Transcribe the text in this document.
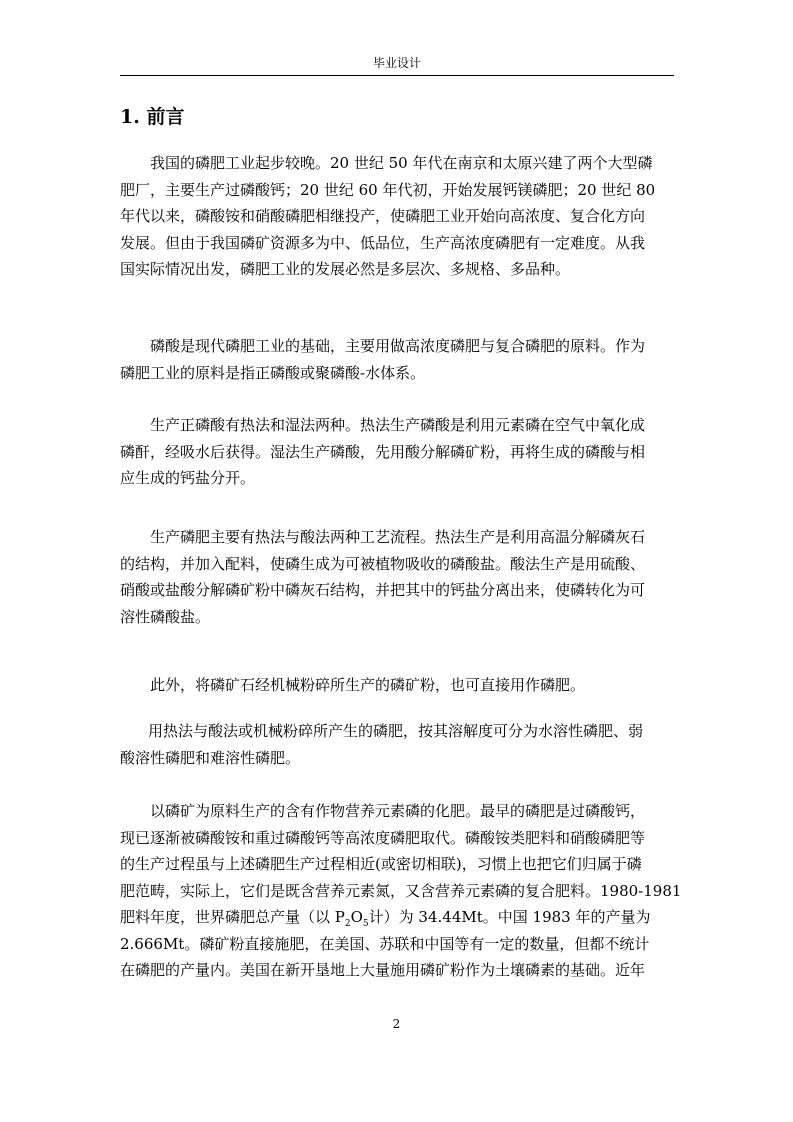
毕业设计
1. 前言
我国的磷肥工业起步较晚。20 世纪 50 年代在南京和太原兴建了两个大型磷
肥厂，主要生产过磷酸钙；20 世纪 60 年代初，开始发展钙镁磷肥；20 世纪 80
年代以来，磷酸铵和硝酸磷肥相继投产，使磷肥工业开始向高浓度、复合化方向
发展。但由于我国磷矿资源多为中、低品位，生产高浓度磷肥有一定难度。从我
国实际情况出发，磷肥工业的发展必然是多层次、多规格、多品种。
磷酸是现代磷肥工业的基础，主要用做高浓度磷肥与复合磷肥的原料。作为
磷肥工业的原料是指正磷酸或聚磷酸-水体系。
生产正磷酸有热法和湿法两种。热法生产磷酸是利用元素磷在空气中氧化成
磷酐，经吸水后获得。湿法生产磷酸，先用酸分解磷矿粉，再将生成的磷酸与相
应生成的钙盐分开。
生产磷肥主要有热法与酸法两种工艺流程。热法生产是利用高温分解磷灰石
的结构，并加入配料，使磷生成为可被植物吸收的磷酸盐。酸法生产是用硫酸、
硝酸或盐酸分解磷矿粉中磷灰石结构，并把其中的钙盐分离出来，使磷转化为可
溶性磷酸盐。
此外，将磷矿石经机械粉碎所生产的磷矿粉，也可直接用作磷肥。
用热法与酸法或机械粉碎所产生的磷肥，按其溶解度可分为水溶性磷肥、弱
酸溶性磷肥和难溶性磷肥。
以磷矿为原料生产的含有作物营养元素磷的化肥。最早的磷肥是过磷酸钙，
现已逐渐被磷酸铵和重过磷酸钙等高浓度磷肥取代。磷酸铵类肥料和硝酸磷肥等
的生产过程虽与上述磷肥生产过程相近(或密切相联)，习惯上也把它们归属于磷
肥范畴，实际上，它们是既含营养元素氮，又含营养元素磷的复合肥料。1980-1981
肥料年度，世界磷肥总产量（以 $P_2O_5$计）为 34.44Mt。中国 1983 年的产量为
2.666Mt。磷矿粉直接施肥，在美国、苏联和中国等有一定的数量，但都不统计
在磷肥的产量内。美国在新开垦地上大量施用磷矿粉作为土壤磷素的基础。近年
2
